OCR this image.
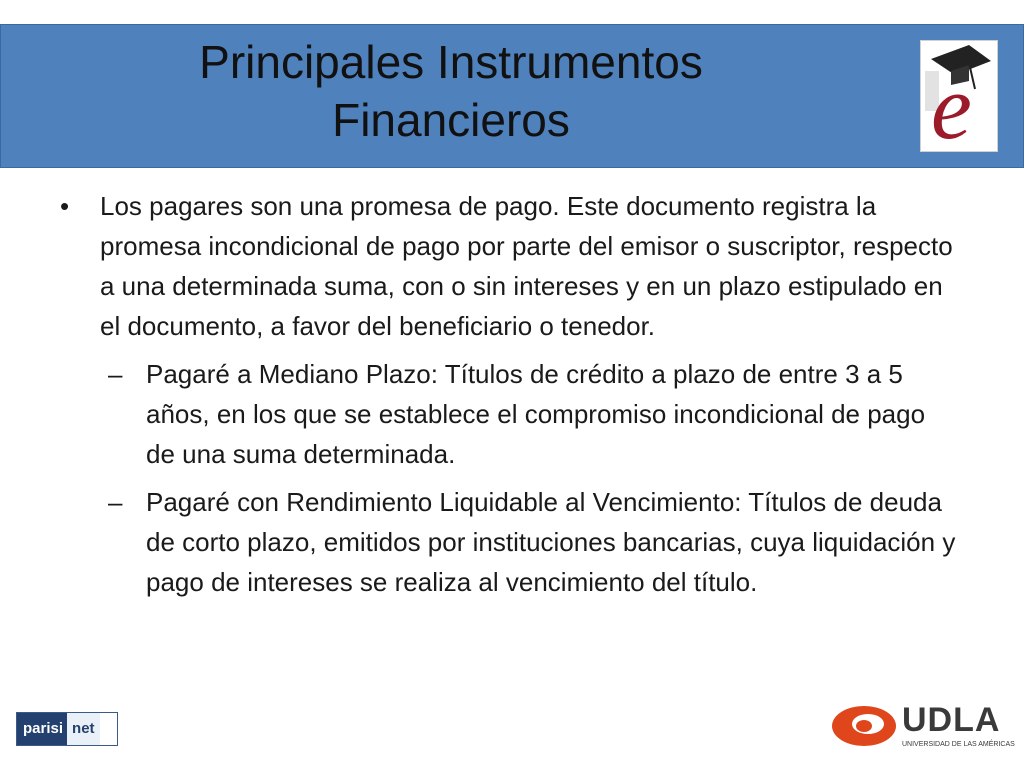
Principales Instrumentos
Financieros	e
•	Los pagares son una promesa de pago. Este documento registra la promesa incondicional de pago por parte del emisor o suscriptor, respecto a una determinada suma, con o sin intereses y en un plazo estipulado en el documento, a favor del beneficiario o tenedor.
– Pagaré a Mediano Plazo: Títulos de crédito a plazo de entre 3 a 5 años, en los que se establece el compromiso incondicional de pago de una suma determinada.
– Pagaré con Rendimiento Liquidable al Vencimiento: Títulos de deuda de corto plazo, emitidos por instituciones bancarias, cuya liquidación y pago de intereses se realiza al vencimiento del título.
parisi net	UDLA
UNIVERSIDAD DE LAS AMÉRICAS
